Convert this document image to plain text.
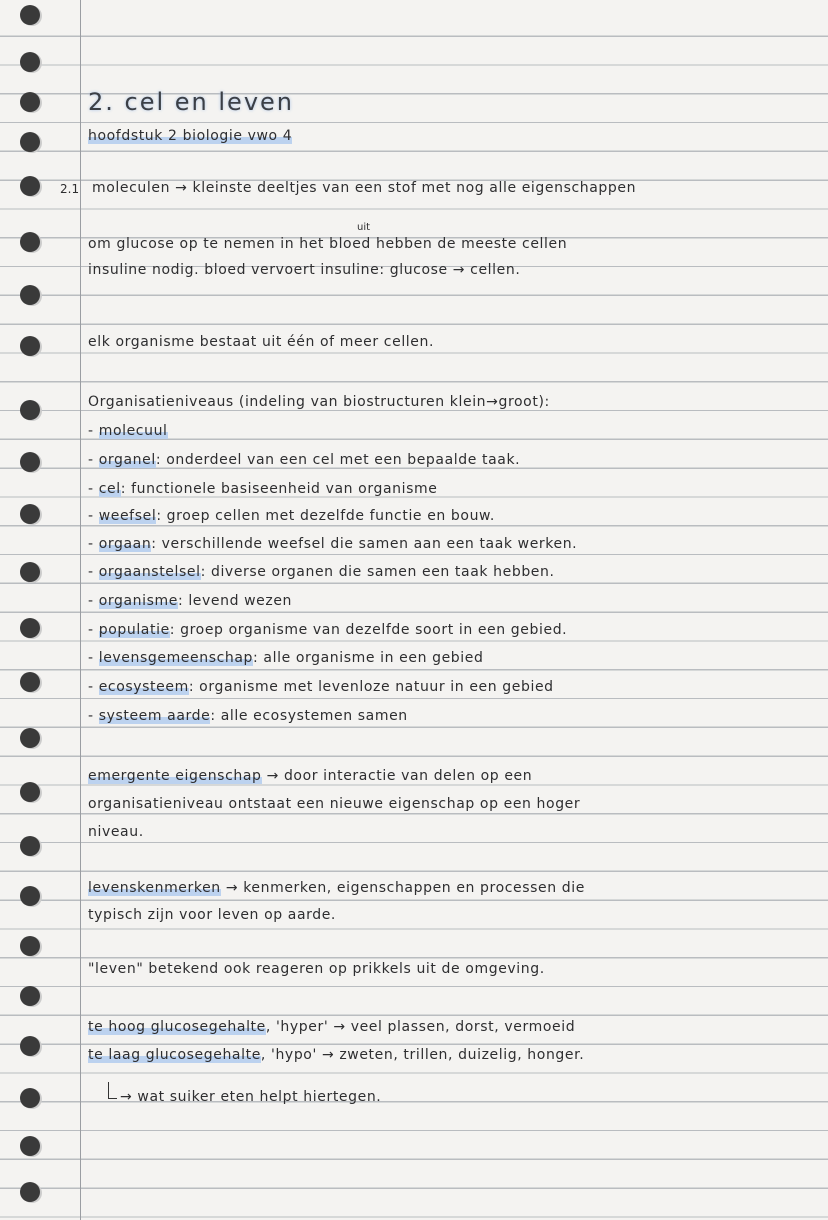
2. cel en leven
hoofdstuk 2 biologie vwo 4
2.1 moleculen → kleinste deeltjes van een stof met nog alle eigenschappen
uit
om glucose op te nemen in het bloed hebben de meeste cellen
insuline nodig. bloed vervoert insuline: glucose → cellen.
elk organisme bestaat uit één of meer cellen.
Organisatieniveaus (indeling van biostructuren klein→groot):
- molecuul
- organel: onderdeel van een cel met een bepaalde taak.
- cel: functionele basiseenheid van organisme
- weefsel: groep cellen met dezelfde functie en bouw.
- orgaan: verschillende weefsel die samen aan een taak werken.
- orgaanstelsel: diverse organen die samen een taak hebben.
- organisme: levend wezen
- populatie: groep organisme van dezelfde soort in een gebied.
- levensgemeenschap: alle organisme in een gebied
- ecosysteem: organisme met levenloze natuur in een gebied
- systeem aarde: alle ecosystemen samen
emergente eigenschap → door interactie van delen op een
organisatieniveau ontstaat een nieuwe eigenschap op een hoger
niveau.
levenskenmerken → kenmerken, eigenschappen en processen die
typisch zijn voor leven op aarde.
"leven" betekend ook reageren op prikkels uit de omgeving.
te hoog glucosegehalte, 'hyper' → veel plassen, dorst, vermoeid
te laag glucosegehalte, 'hypo' → zweten, trillen, duizelig, honger.
→ wat suiker eten helpt hiertegen.
